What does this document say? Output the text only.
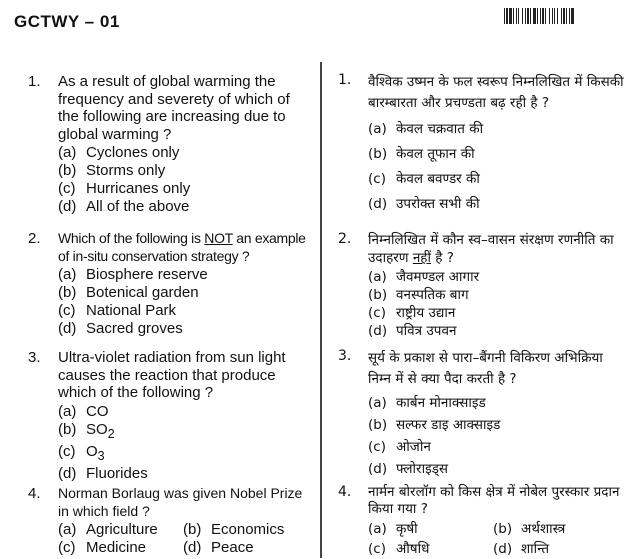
GCTWY – 01
1. As a result of global warming the frequency and severety of which of the following are increasing due to global warming ?
(a) Cyclones only
(b) Storms only
(c) Hurricanes only
(d) All of the above
2. Which of the following is NOT an example of in-situ conservation strategy ?
(a) Biosphere reserve
(b) Botenical garden
(c) National Park
(d) Sacred groves
3. Ultra-violet radiation from sun light causes the reaction that produce which of the following ?
(a) CO
(b) $SO_2$
(c) $O_3$
(d) Fluorides
4. Norman Borlaug was given Nobel Prize in which field ?
(a) Agriculture (b) Economics
(c) Medicine (d) Peace
1. वैश्विक उष्मन के फल स्वरूप निम्नलिखित में किसकी बारम्बारता और प्रचण्डता बढ़ रही है ?
(a) केवल चक्रवात की
(b) केवल तूफान की
(c) केवल बवण्डर की
(d) उपरोक्त सभी की
2. निम्नलिखित में कौन स्व–वासन संरक्षण रणनीति का उदाहरण नहीं है ?
(a) जैवमण्डल आगार
(b) वनस्पतिक बाग
(c) राष्ट्रीय उद्यान
(d) पवित्र उपवन
3. सूर्य के प्रकाश से पारा–बैंगनी विकिरण अभिक्रिया निम्न में से क्या पैदा करती है ?
(a) कार्बन मोनाक्साइड
(b) सल्फर डाइ आक्साइड
(c) ओजोन
(d) फ्लोराइड्स
4. नार्मन बोरलॉग को किस क्षेत्र में नोबेल पुरस्कार प्रदान किया गया ?
(a) कृषी	(b) अर्थशास्त्र
(c) औषधि	(d) शान्ति
